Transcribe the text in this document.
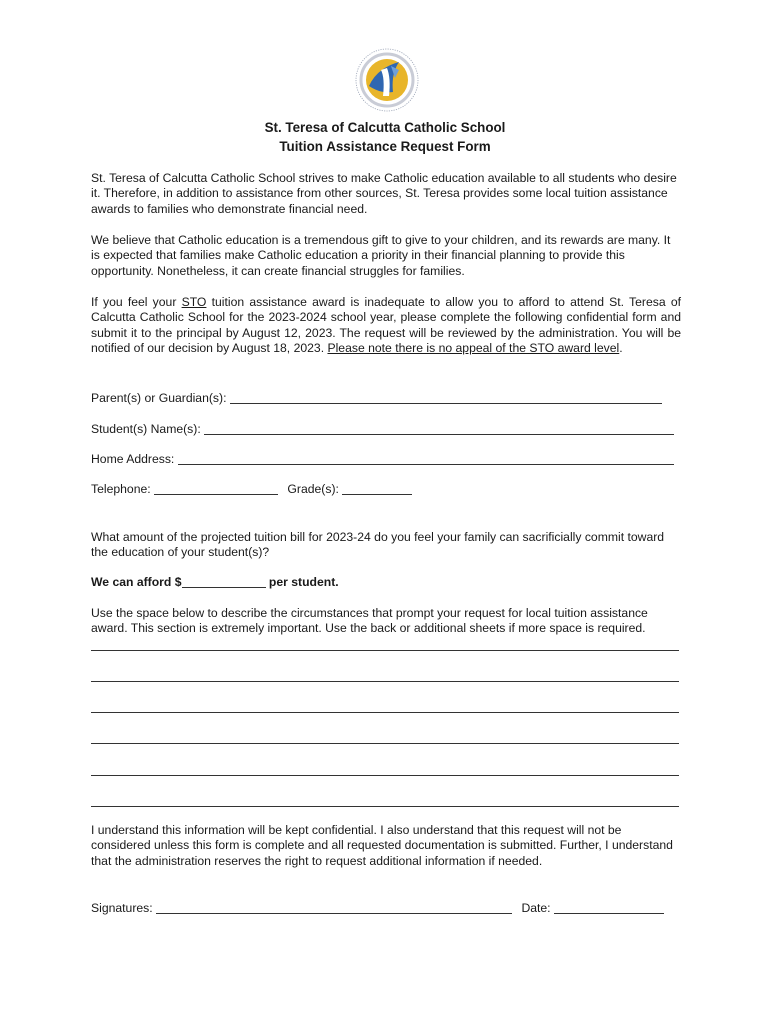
St. Teresa of Calcutta Catholic School
Tuition Assistance Request Form
St. Teresa of Calcutta Catholic School strives to make Catholic education available to all students who desire it. Therefore, in addition to assistance from other sources, St. Teresa provides some local tuition assistance awards to families who demonstrate financial need.
We believe that Catholic education is a tremendous gift to give to your children, and its rewards are many. It is expected that families make Catholic education a priority in their financial planning to provide this opportunity. Nonetheless, it can create financial struggles for families.
If you feel your STO tuition assistance award is inadequate to allow you to afford to attend St. Teresa of Calcutta Catholic School for the 2023-2024 school year, please complete the following confidential form and submit it to the principal by August 12, 2023. The request will be reviewed by the administration. You will be notified of our decision by August 18, 2023. Please note there is no appeal of the STO award level.
Parent(s) or Guardian(s):
Student(s) Name(s):
Home Address:
Telephone:	Grade(s):
What amount of the projected tuition bill for 2023-24 do you feel your family can sacrificially commit toward the education of your student(s)?
We can afford $	per student.
Use the space below to describe the circumstances that prompt your request for local tuition assistance award. This section is extremely important. Use the back or additional sheets if more space is required.
I understand this information will be kept confidential. I also understand that this request will not be considered unless this form is complete and all requested documentation is submitted. Further, I understand that the administration reserves the right to request additional information if needed.
Signatures:	Date:
